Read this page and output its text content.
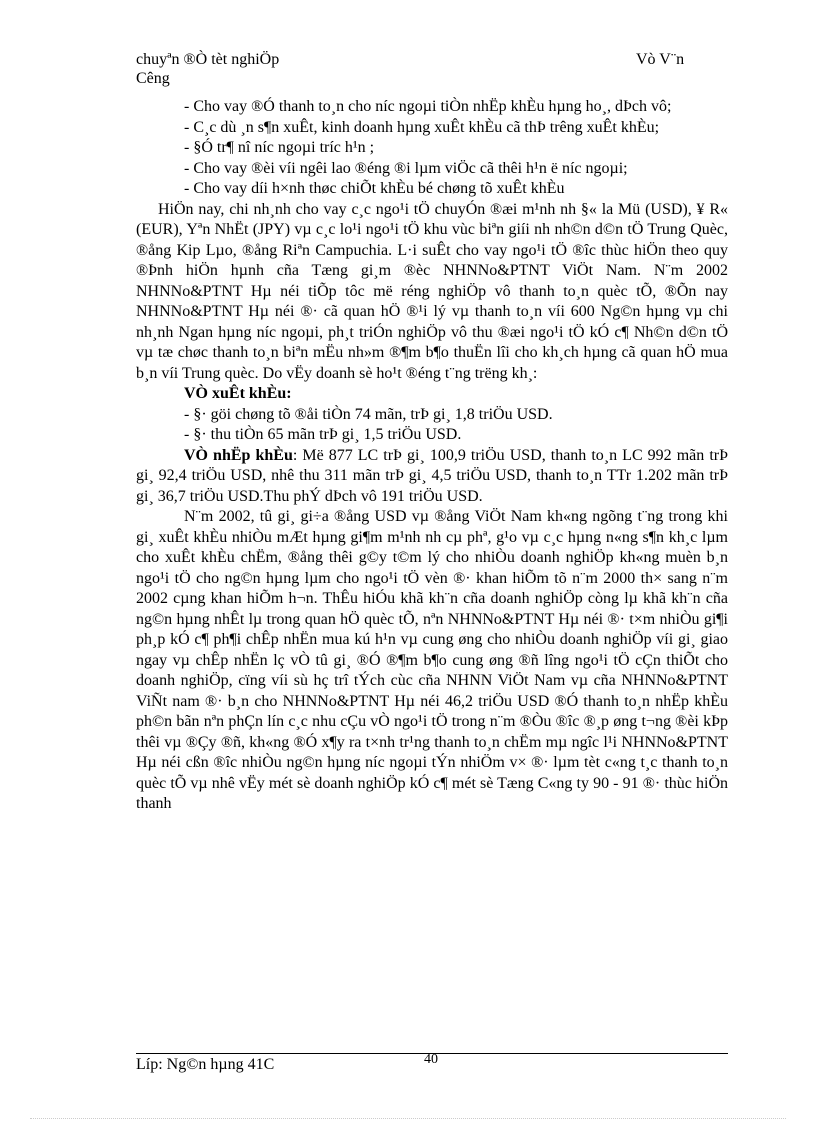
chuyªn ®Ò tèt nghiÖp
Cêng
Vò V¨n

- Cho vay ®Ó thanh to¸n cho níc ngoµi tiÒn nhËp khÈu hµng ho¸, dÞch vô;

- C¸c dù ¸n s¶n xuÊt, kinh doanh hµng xuÊt khÈu cã thÞ trêng xuÊt khÈu;

- §Ó tr¶ nî níc ngoµi tríc h¹n ;

- Cho vay ®èi víi ngêi lao ®éng ®i lµm viÖc cã thêi h¹n ë níc ngoµi;

- Cho vay díi h×nh thøc chiÕt khÈu bé chøng tõ xuÊt khÈu

HiÖn nay, chi nh¸nh cho vay c¸c ngo¹i tÖ chuyÓn ®æi m¹nh nh §« la Mü (USD), ¥ R« (EUR), Yªn NhËt (JPY) vµ c¸c lo¹i ngo¹i tÖ khu vùc biªn giíi nh nh©n d©n tÖ Trung Quèc, ®ång Kip Lµo, ®ång Riªn Campuchia. L·i suÊt cho vay ngo¹i tÖ ®îc thùc hiÖn theo quy ®Þnh hiÖn hµnh cña Tæng gi¸m ®èc NHNNo&PTNT ViÖt Nam. N¨m 2002 NHNNo&PTNT Hµ néi tiÕp tôc më réng nghiÖp vô thanh to¸n quèc tÕ, ®Õn nay NHNNo&PTNT Hµ néi ®· cã quan hÖ ®¹i lý vµ thanh to¸n víi 600 Ng©n hµng vµ chi nh¸nh Ngan hµng níc ngoµi, ph¸t triÓn nghiÖp vô thu ®æi ngo¹i tÖ kÓ c¶ Nh©n d©n tÖ vµ tæ chøc thanh to¸n biªn mËu nh»m ®¶m b¶o thuËn lîi cho kh¸ch hµng cã quan hÖ mua b¸n víi Trung quèc. Do vËy doanh sè ho¹t ®éng t¨ng trëng kh¸:

VÒ xuÊt khÈu:

- §· göi chøng tõ ®åi tiÒn 74 mãn, trÞ gi¸ 1,8 triÖu USD.

- §· thu tiÒn 65 mãn trÞ gi¸ 1,5 triÖu USD.

VÒ nhËp khÈu: Më 877 LC trÞ gi¸ 100,9 triÖu USD, thanh to¸n LC 992 mãn trÞ gi¸ 92,4 triÖu USD, nhê thu 311 mãn trÞ gi¸ 4,5 triÖu USD, thanh to¸n TTr 1.202 mãn trÞ gi¸ 36,7 triÖu USD.Thu phÝ dÞch vô 191 triÖu USD.

N¨m 2002, tû gi¸ gi÷a ®ång USD vµ ®ång ViÖt Nam kh«ng ngõng t¨ng trong khi gi¸ xuÊt khÈu nhiÒu mÆt hµng gi¶m m¹nh nh cµ phª, g¹o vµ c¸c hµng n«ng s¶n kh¸c lµm cho xuÊt khÈu chËm, ®ång thêi g©y t©m lý cho nhiÒu doanh nghiÖp kh«ng muèn b¸n ngo¹i tÖ cho ng©n hµng lµm cho ngo¹i tÖ vèn ®· khan hiÕm tõ n¨m 2000 th× sang n¨m 2002 cµng khan hiÕm h¬n. ThÊu hiÓu khã kh¨n cña doanh nghiÖp còng lµ khã kh¨n cña ng©n hµng nhÊt lµ trong quan hÖ quèc tÕ, nªn NHNNo&PTNT Hµ néi ®· t×m nhiÒu gi¶i ph¸p kÓ c¶ ph¶i chÊp nhËn mua kú h¹n vµ cung øng cho nhiÒu doanh nghiÖp víi gi¸ giao ngay vµ chÊp nhËn lç vÒ tû gi¸ ®Ó ®¶m b¶o cung øng ®ñ lîng ngo¹i tÖ cÇn thiÕt cho doanh nghiÖp, cïng víi sù hç trî tÝch cùc cña NHNN ViÖt Nam vµ cña NHNNo&PTNT ViÑt nam ®· b¸n cho NHNNo&PTNT Hµ néi 46,2 triÖu USD ®Ó thanh to¸n nhËp khÈu ph©n bãn nªn phÇn lín c¸c nhu cÇu vÒ ngo¹i tÖ trong n¨m ®Òu ®îc ®¸p øng t¬ng ®èi kÞp thêi vµ ®Çy ®ñ, kh«ng ®Ó x¶y ra t×nh tr¹ng thanh to¸n chËm mµ ngîc l¹i NHNNo&PTNT Hµ néi cßn ®îc nhiÒu ng©n hµng níc ngoµi tÝn nhiÖm v× ®· lµm tèt c«ng t¸c thanh to¸n quèc tÕ vµ nhê vËy mét sè doanh nghiÖp kÓ c¶ mét sè Tæng C«ng ty 90 - 91 ®· thùc hiÖn thanh

Líp: Ng©n hµng 41C	40
